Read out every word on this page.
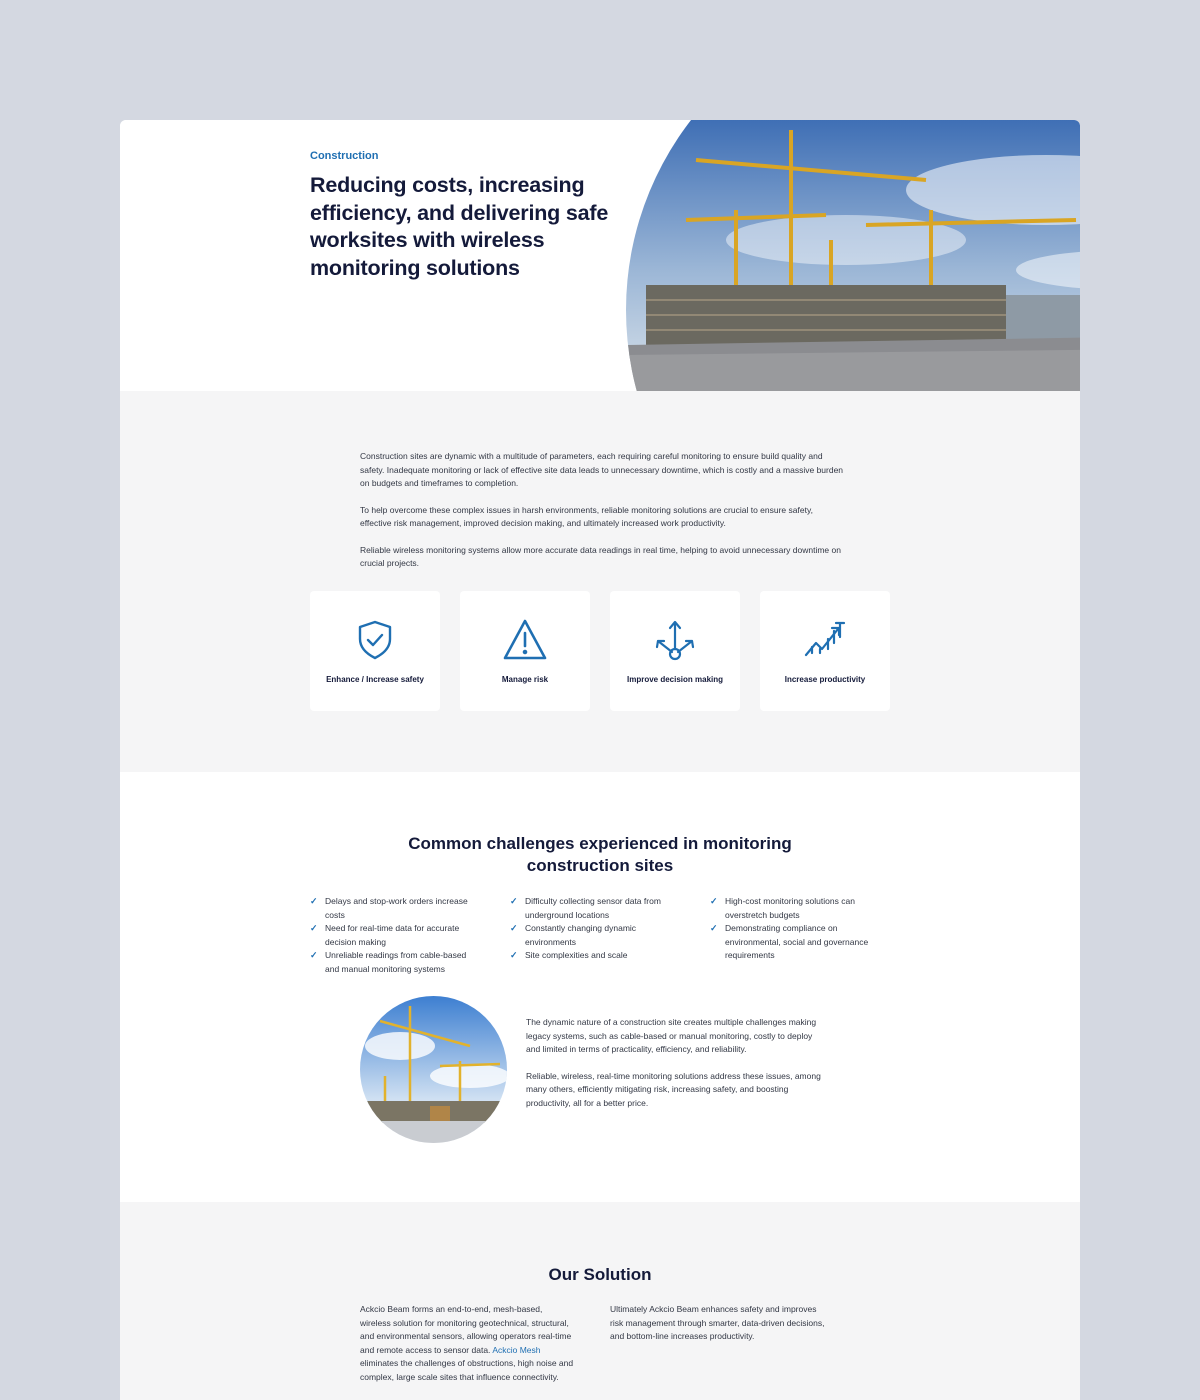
Construction
Reducing costs, increasing efficiency, and delivering safe worksites with wireless monitoring solutions

Construction sites are dynamic with a multitude of parameters, each requiring careful monitoring to ensure build quality and safety. Inadequate monitoring or lack of effective site data leads to unnecessary downtime, which is costly and a massive burden on budgets and timeframes to completion.

To help overcome these complex issues in harsh environments, reliable monitoring solutions are crucial to ensure safety, effective risk management, improved decision making, and ultimately increased work productivity.

Reliable wireless monitoring systems allow more accurate data readings in real time, helping to avoid unnecessary downtime on crucial projects.

Enhance / Increase safety	Manage risk	Improve decision making	Increase productivity
Common challenges experienced in monitoring
construction sites
✓ Delays and stop-work orders increase costs
✓ Need for real-time data for accurate decision making
✓ Unreliable readings from cable-based and manual monitoring systems
✓ Difficulty collecting sensor data from underground locations
✓ Constantly changing dynamic environments
✓ Site complexities and scale
✓ High-cost monitoring solutions can overstretch budgets
✓ Demonstrating compliance on environmental, social and governance requirements

The dynamic nature of a construction site creates multiple challenges making legacy systems, such as cable-based or manual monitoring, costly to deploy and limited in terms of practicality, efficiency, and reliability.

Reliable, wireless, real-time monitoring solutions address these issues, among many others, efficiently mitigating risk, increasing safety, and boosting productivity, all for a better price.

Our Solution
Ackcio Beam forms an end-to-end, mesh-based, wireless solution for monitoring geotechnical, structural, and environmental sensors, allowing operators real-time and remote access to sensor data. Ackcio Mesh eliminates the challenges of obstructions, high noise and complex, large scale sites that influence connectivity.
Ultimately Ackcio Beam enhances safety and improves risk management through smarter, data-driven decisions, and bottom-line increases productivity.
